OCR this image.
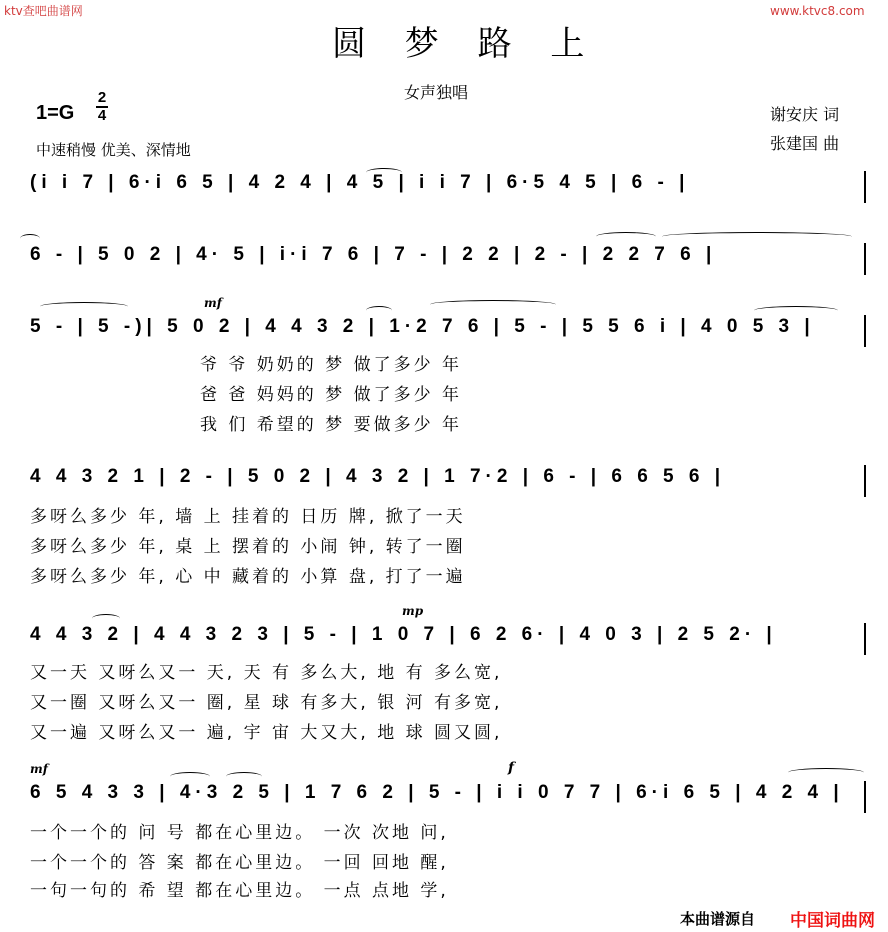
ktv查吧曲谱网	www.ktvc8.com
圆 梦 路 上
女声独唱
1=G
2
4
中速稍慢 优美、深情地
谢安庆 词
张建国 曲
(i i 7 | 6·i 6 5 | 4 2 4 | 4 5 | i i 7 | 6·5 4 5 | 6 - |
6 - | 5 0 2 | 4· 5 | i·i 7 6 | 7 - | 2 2 | 2 - | 2 2 7 6 |
5 - | 5 -)| 5 0 2 | 4 4 3 2 | 1·2 7 6 | 5 - | 5 5 6 i | 4 0 5 3 |
mf
爷 爷 奶奶的 梦 做了多少 年
爸 爸 妈妈的 梦 做了多少 年
我 们 希望的 梦 要做多少 年
4 4 3 2 1 | 2 - | 5 0 2 | 4 3 2 | 1 7·2 | 6 - | 6 6 5 6 |
多呀么多少 年, 墙 上 挂着的 日历 牌, 掀了一天
多呀么多少 年, 桌 上 摆着的 小闹 钟, 转了一圈
多呀么多少 年, 心 中 藏着的 小算 盘, 打了一遍
4 4 3 2 | 4 4 3 2 3 | 5 - | 1 0 7 | 6 2 6· | 4 0 3 | 2 5 2· |
mp
又一天 又呀么又一 天, 天 有 多么大, 地 有 多么宽,
又一圈 又呀么又一 圈, 星 球 有多大, 银 河 有多宽,
又一遍 又呀么又一 遍, 宇 宙 大又大, 地 球 圆又圆,
6 5 4 3 3 | 4·3 2 5 | 1 7 6 2 | 5 - | i i 0 7 7 | 6·i 6 5 | 4 2 4 |
mf	f
一个一个的 问 号 都在心里边。 一次 次地 问,
一个一个的 答 案 都在心里边。 一回 回地 醒,
一句一句的 希 望 都在心里边。 一点 点地 学,
本曲谱源自 中国词曲网
